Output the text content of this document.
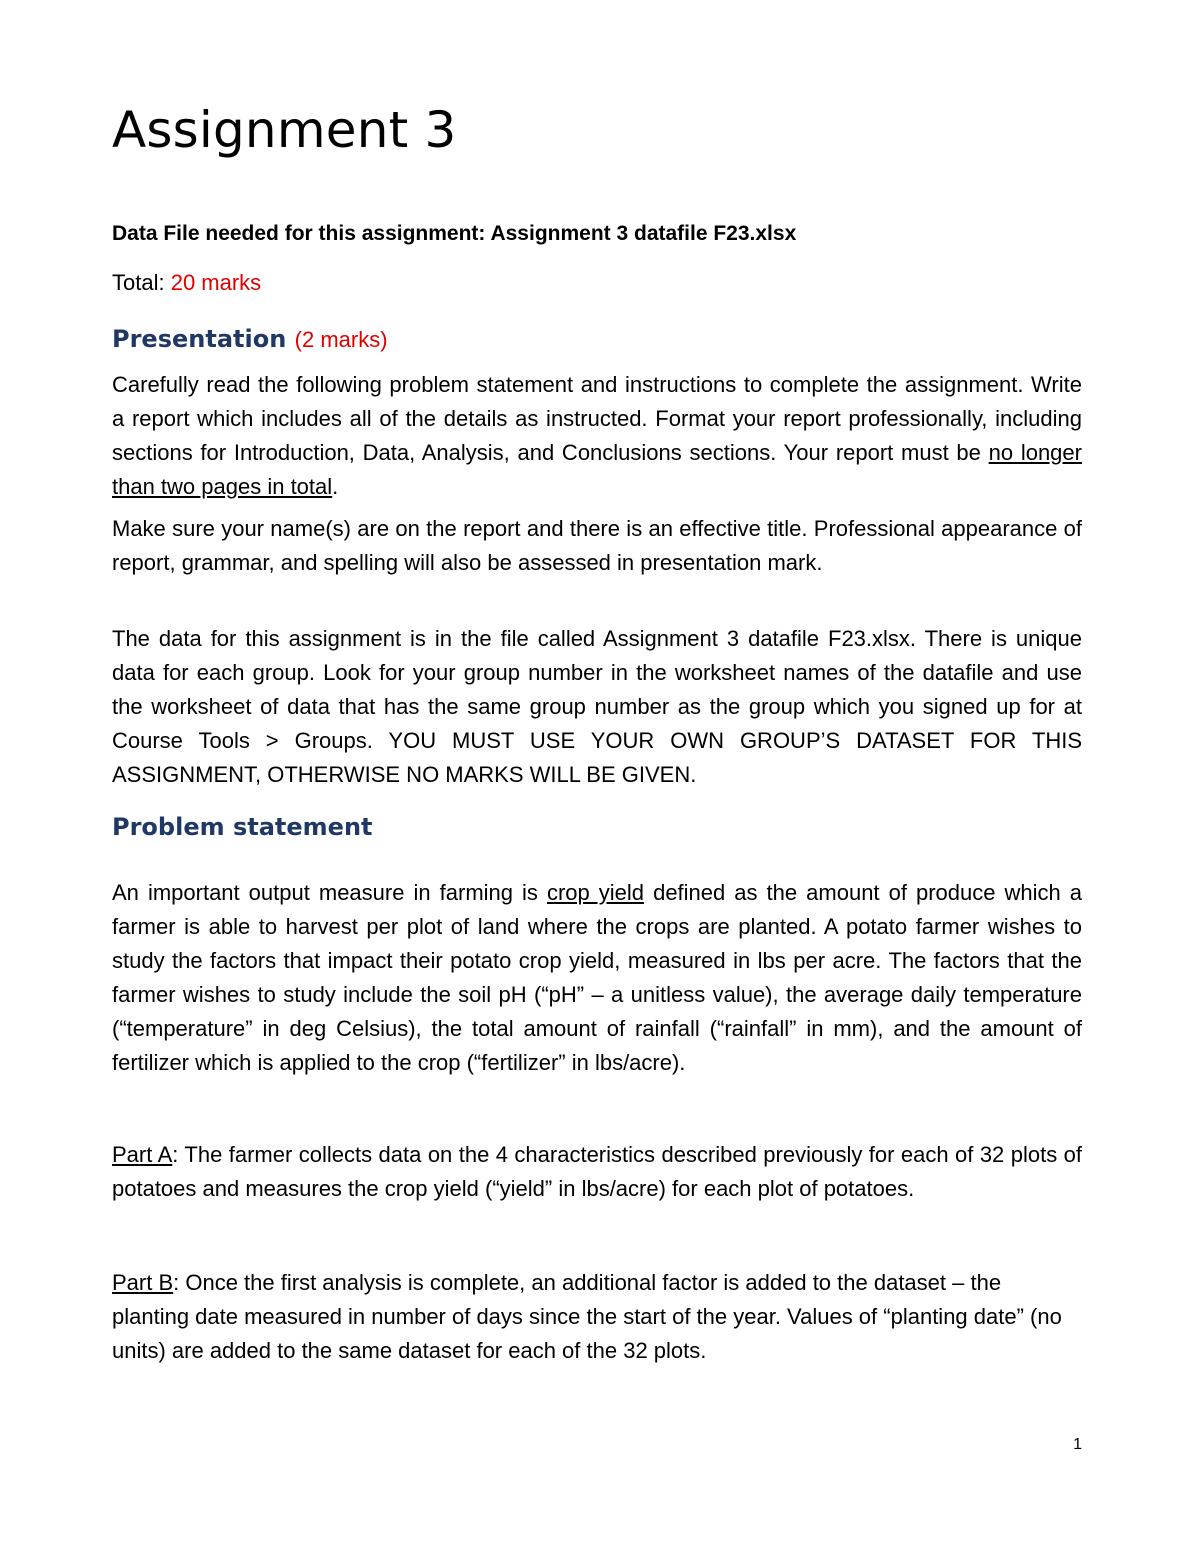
Assignment 3

Data File needed for this assignment: Assignment 3 datafile F23.xlsx

Total: 20 marks

Presentation (2 marks)

Carefully read the following problem statement and instructions to complete the assignment. Write a report which includes all of the details as instructed. Format your report professionally, including sections for Introduction, Data, Analysis, and Conclusions sections. Your report must be no longer than two pages in total.

Make sure your name(s) are on the report and there is an effective title. Professional appearance of report, grammar, and spelling will also be assessed in presentation mark.

The data for this assignment is in the file called Assignment 3 datafile F23.xlsx. There is unique data for each group. Look for your group number in the worksheet names of the datafile and use the worksheet of data that has the same group number as the group which you signed up for at Course Tools > Groups. YOU MUST USE YOUR OWN GROUP’S DATASET FOR THIS ASSIGNMENT, OTHERWISE NO MARKS WILL BE GIVEN.

Problem statement

An important output measure in farming is crop yield defined as the amount of produce which a farmer is able to harvest per plot of land where the crops are planted. A potato farmer wishes to study the factors that impact their potato crop yield, measured in lbs per acre. The factors that the farmer wishes to study include the soil pH (“pH” – a unitless value), the average daily temperature (“temperature” in deg Celsius), the total amount of rainfall (“rainfall” in mm), and the amount of fertilizer which is applied to the crop (“fertilizer” in lbs/acre).

Part A: The farmer collects data on the 4 characteristics described previously for each of 32 plots of potatoes and measures the crop yield (“yield” in lbs/acre) for each plot of potatoes.

Part B: Once the first analysis is complete, an additional factor is added to the dataset – the planting date measured in number of days since the start of the year. Values of “planting date” (no units) are added to the same dataset for each of the 32 plots.

1
